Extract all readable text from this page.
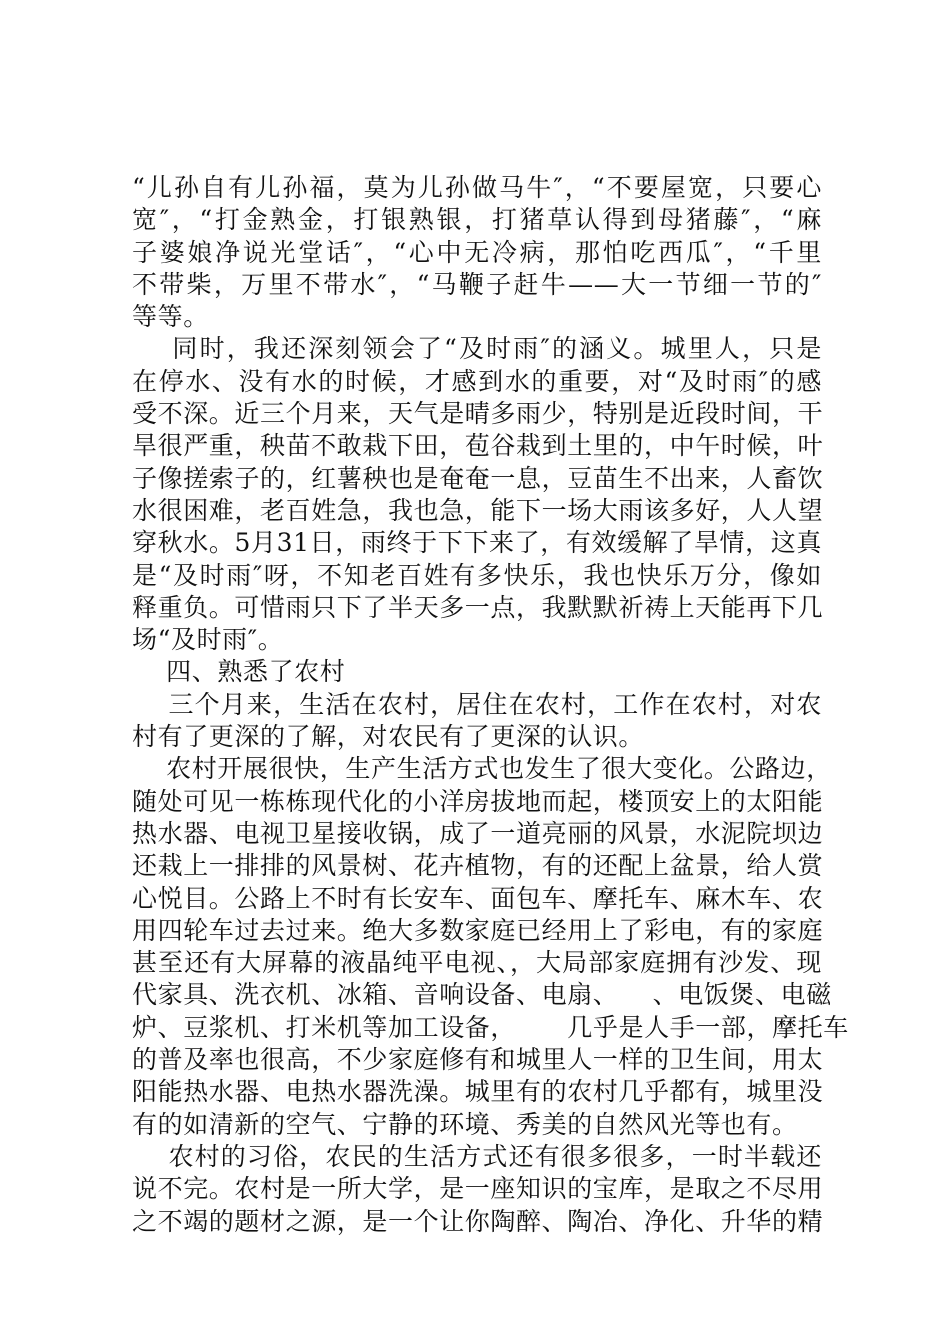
“儿孙自有儿孙福，莫为儿孙做马牛″，“不要屋宽，只要心
宽″，“打金熟金，打银熟银，打猪草认得到母猪藤″，“麻
子婆娘净说光堂话″，“心中无冷病，那怕吃西瓜″，“千里
不带柴，万里不带水″，“马鞭子赶牛——大一节细一节的″
等等。
同时，我还深刻领会了“及时雨″的涵义。城里人，只是
在停水、没有水的时候，才感到水的重要，对“及时雨″的感
受不深。近三个月来，天气是晴多雨少，特别是近段时间，干
旱很严重，秧苗不敢栽下田，苞谷栽到土里的，中午时候，叶
子像搓索子的，红薯秧也是奄奄一息，豆苗生不出来，人畜饮
水很困难，老百姓急，我也急，能下一场大雨该多好，人人望
穿秋水。5月31日，雨终于下下来了，有效缓解了旱情，这真
是“及时雨″呀，不知老百姓有多快乐，我也快乐万分，像如
释重负。可惜雨只下了半天多一点，我默默祈祷上天能再下几
场“及时雨″。
四、熟悉了农村
三个月来，生活在农村，居住在农村，工作在农村，对农
村有了更深的了解，对农民有了更深的认识。
农村开展很快，生产生活方式也发生了很大变化。公路边，
随处可见一栋栋现代化的小洋房拔地而起，楼顶安上的太阳能
热水器、电视卫星接收锅，成了一道亮丽的风景，水泥院坝边
还栽上一排排的风景树、花卉植物，有的还配上盆景，给人赏
心悦目。公路上不时有长安车、面包车、摩托车、麻木车、农
用四轮车过去过来。绝大多数家庭已经用上了彩电，有的家庭
甚至还有大屏幕的液晶纯平电视、，大局部家庭拥有沙发、现
代家具、洗衣机、冰箱、音响设备、电扇、    、电饭煲、电磁
炉、豆浆机、打米机等加工设备，      几乎是人手一部，摩托车
的普及率也很高，不少家庭修有和城里人一样的卫生间，用太
阳能热水器、电热水器洗澡。城里有的农村几乎都有，城里没
有的如清新的空气、宁静的环境、秀美的自然风光等也有。
农村的习俗，农民的生活方式还有很多很多，一时半载还
说不完。农村是一所大学，是一座知识的宝库，是取之不尽用
之不竭的题材之源，是一个让你陶醉、陶冶、净化、升华的精
